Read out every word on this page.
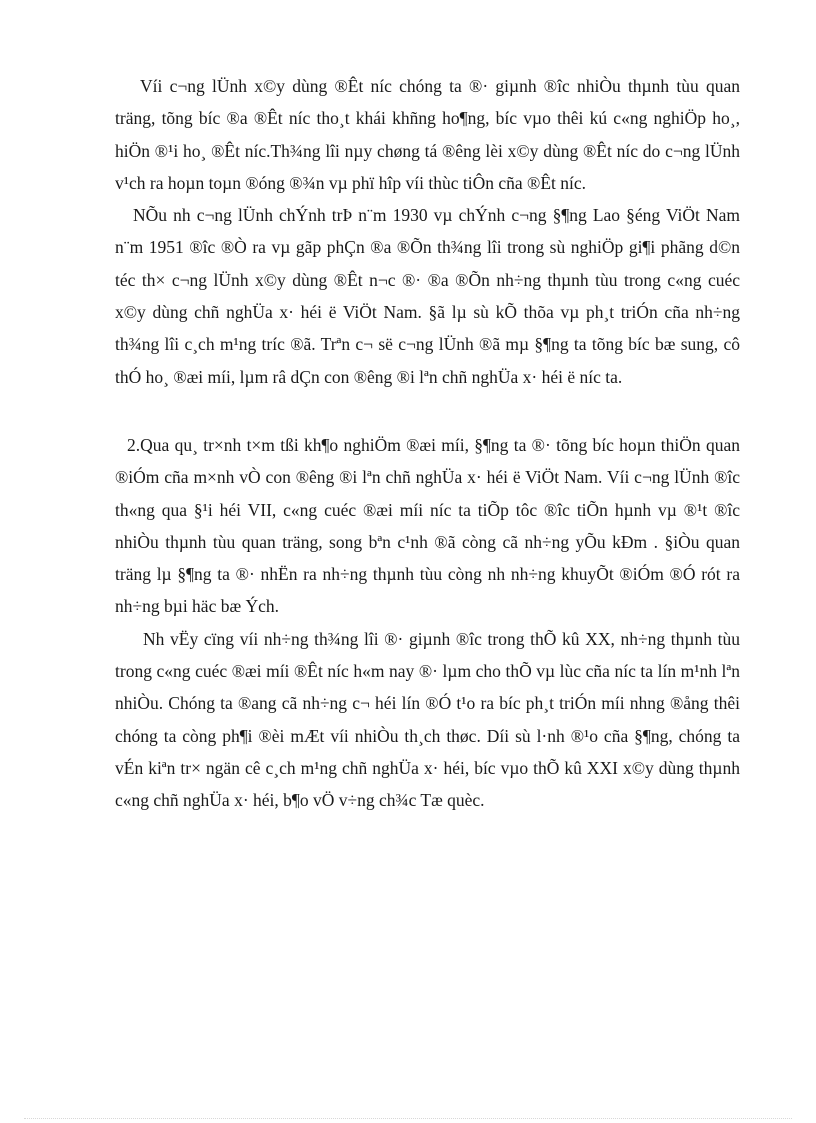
Víi c¬ng lÜnh x©y dùng ®Êt níc chóng ta ®· giµnh ®îc nhiÒu thµnh tùu quan träng, tõng bíc ®a ®Êt níc tho¸t khái khñng ho¶ng, bíc vµo thêi kú c«ng nghiÖp ho¸, hiÖn ®¹i ho¸ ®Êt níc.Th¾ng lîi nµy chøng tá ®êng lèi x©y dùng ®Êt níc do c¬ng lÜnh v¹ch ra hoµn toµn ®óng ®¾n vµ phï hîp víi thùc tiÔn cña ®Êt níc.

NÕu nh c¬ng lÜnh chÝnh trÞ n¨m 1930 vµ chÝnh c¬ng §¶ng Lao §éng ViÖt Nam n¨m 1951 ®îc ®Ò ra vµ gãp phÇn ®a ®Õn th¾ng lîi trong sù nghiÖp gi¶i phãng d©n téc th× c¬ng lÜnh x©y dùng ®Êt n¬c ®· ®a ®Õn nh÷ng thµnh tùu trong c«ng cuéc x©y dùng chñ nghÜa x· héi ë ViÖt Nam. §ã lµ sù kÕ thõa vµ ph¸t triÓn cña nh÷ng th¾ng lîi c¸ch m¹ng tríc ®ã. Trªn c¬ së c¬ng lÜnh ®ã mµ §¶ng ta tõng bíc bæ sung, cô thÓ ho¸ ®æi míi, lµm râ dÇn con ®êng ®i lªn chñ nghÜa x· héi ë níc ta.

2.Qua qu¸ tr×nh t×m tßi kh¶o nghiÖm ®æi míi, §¶ng ta ®· tõng bíc hoµn thiÖn quan ®iÓm cña m×nh vÒ con ®êng ®i lªn chñ nghÜa x· héi ë ViÖt Nam. Víi c¬ng lÜnh ®îc th«ng qua §¹i héi VII, c«ng cuéc ®æi míi níc ta tiÕp tôc ®îc tiÕn hµnh vµ ®¹t ®îc nhiÒu thµnh tùu quan träng, song bªn c¹nh ®ã còng cã nh÷ng yÕu kÐm . §iÒu quan träng lµ §¶ng ta ®· nhËn ra nh÷ng thµnh tùu còng nh nh÷ng khuyÕt ®iÓm ®Ó rót ra nh÷ng bµi häc bæ Ých.

Nh vËy cïng víi nh÷ng th¾ng lîi ®· giµnh ®îc trong thÕ kû XX, nh÷ng thµnh tùu trong c«ng cuéc ®æi míi ®Êt níc h«m nay ®· lµm cho thÕ vµ lùc cña níc ta lín m¹nh lªn nhiÒu. Chóng ta ®ang cã nh÷ng c¬ héi lín ®Ó t¹o ra bíc ph¸t triÓn míi nhng ®ång thêi chóng ta còng ph¶i ®èi mÆt víi nhiÒu th¸ch thøc. Díi sù l·nh ®¹o cña §¶ng, chóng ta vÉn kiªn tr× ngän cê c¸ch m¹ng chñ nghÜa x· héi, bíc vµo thÕ kû XXI x©y dùng thµnh c«ng chñ nghÜa x· héi, b¶o vÖ v÷ng ch¾c Tæ quèc.
